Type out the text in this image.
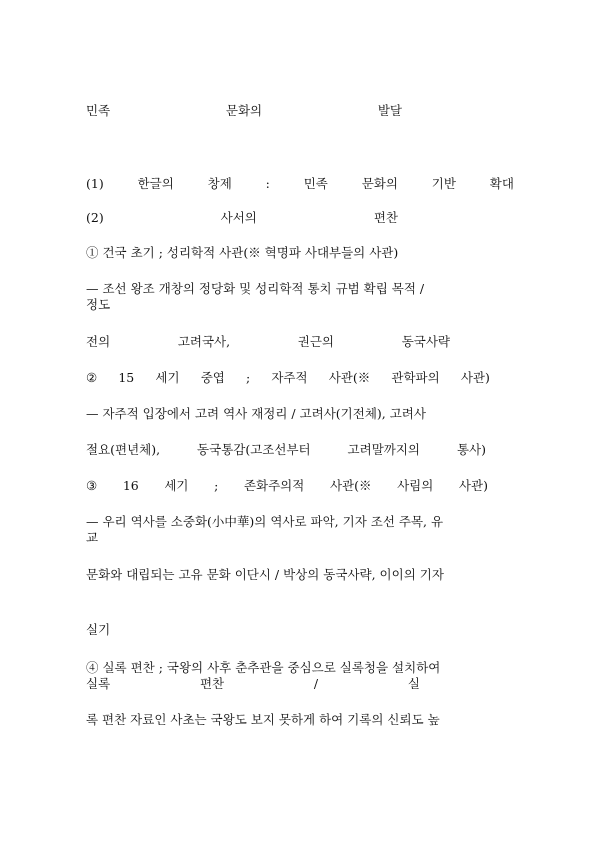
민족	문화의	발달
(1)	한글의	창제	:	민족	문화의	기반	확대
(2)	사서의	편찬
① 건국 초기 ; 성리학적 사관(※ 혁명파 사대부들의 사관)
— 조선 왕조 개창의 정당화 및 성리학적 통치 규범 확립 목적 /
정도
전의	고려국사,	권근의	동국사략
② 15 세기 중엽 ; 자주적 사관(※ 관학파의 사관)
— 자주적 입장에서 고려 역사 재정리 / 고려사(기전체), 고려사
절요(편년체),	동국통감(고조선부터	고려말까지의	통사)
③ 16 세기 ; 존화주의적 사관(※ 사림의 사관)
— 우리 역사를 소중화(小中華)의 역사로 파악, 기자 조선 주목, 유
교
문화와 대립되는 고유 문화 이단시 / 박상의 동국사략, 이이의 기자
실기
④ 실록 편찬 ; 국왕의 사후 춘추관을 중심으로 실록청을 설치하여
실록	편찬	/	실
록 편찬 자료인 사초는 국왕도 보지 못하게 하여 기록의 신뢰도 높
